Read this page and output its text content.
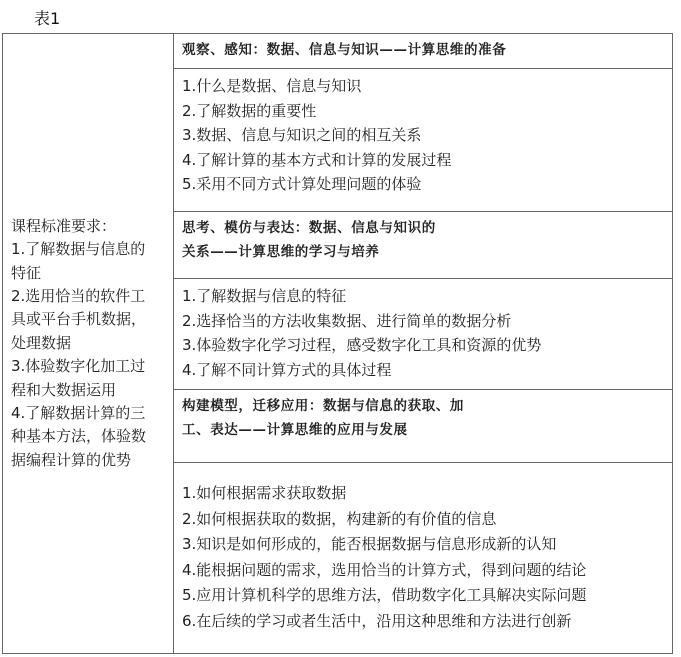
表1
课程标准要求：
1.了解数据与信息的
特征
2.选用恰当的软件工
具或平台手机数据，
处理数据
3.体验数字化加工过
程和大数据运用
4.了解数据计算的三
种基本方法，体验数
据编程计算的优势

观察、感知：数据、信息与知识——计算思维的准备

1.什么是数据、信息与知识
2.了解数据的重要性
3.数据、信息与知识之间的相互关系
4.了解计算的基本方式和计算的发展过程
5.采用不同方式计算处理问题的体验

思考、模仿与表达：数据、信息与知识的
关系——计算思维的学习与培养

1.了解数据与信息的特征
2.选择恰当的方法收集数据、进行简单的数据分析
3.体验数字化学习过程，感受数字化工具和资源的优势
4.了解不同计算方式的具体过程

构建模型，迁移应用：数据与信息的获取、加
工、表达——计算思维的应用与发展

1.如何根据需求获取数据
2.如何根据获取的数据，构建新的有价值的信息
3.知识是如何形成的，能否根据数据与信息形成新的认知
4.能根据问题的需求，选用恰当的计算方式，得到问题的结论
5.应用计算机科学的思维方法，借助数字化工具解决实际问题
6.在后续的学习或者生活中，沿用这种思维和方法进行创新
